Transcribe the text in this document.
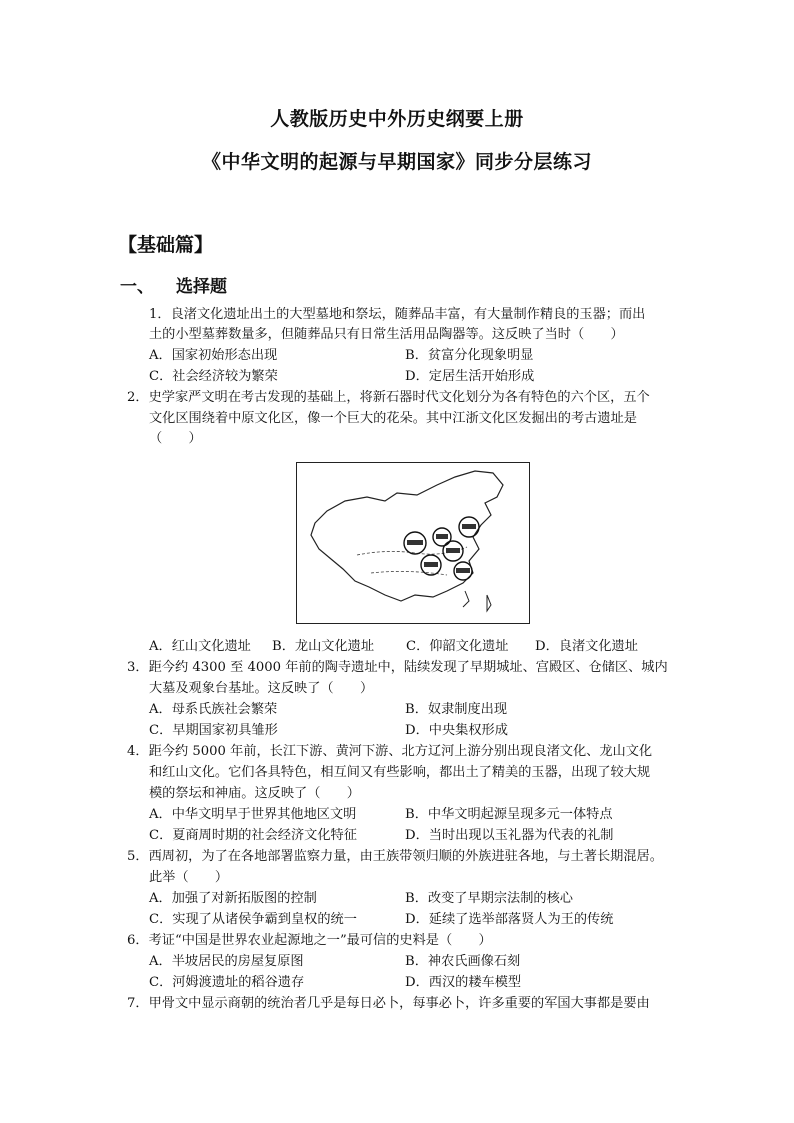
人教版历史中外历史纲要上册
《中华文明的起源与早期国家》同步分层练习
【基础篇】
一、 选择题
1．良渚文化遗址出土的大型墓地和祭坛，随葬品丰富，有大量制作精良的玉器；而出
土的小型墓葬数量多，但随葬品只有日常生活用品陶器等。这反映了当时（　　）
A．国家初始形态出现	B．贫富分化现象明显
C．社会经济较为繁荣	D．定居生活开始形成
2．史学家严文明在考古发现的基础上，将新石器时代文化划分为各有特色的六个区，五个
文化区围绕着中原文化区，像一个巨大的花朵。其中江浙文化区发掘出的考古遗址是
（　　）
A．红山文化遗址 B．龙山文化遗址 C．仰韶文化遗址 D．良渚文化遗址
3．距今约 4300 至 4000 年前的陶寺遗址中，陆续发现了早期城址、宫殿区、仓储区、城内
大墓及观象台基址。这反映了（　　）
A．母系氏族社会繁荣	B．奴隶制度出现
C．早期国家初具雏形	D．中央集权形成
4．距今约 5000 年前，长江下游、黄河下游、北方辽河上游分别出现良渚文化、龙山文化
和红山文化。它们各具特色，相互间又有些影响，都出土了精美的玉器，出现了较大规
模的祭坛和神庙。这反映了（　　）
A．中华文明早于世界其他地区文明	B．中华文明起源呈现多元一体特点
C．夏商周时期的社会经济文化特征	D．当时出现以玉礼器为代表的礼制
5．西周初，为了在各地部署监察力量，由王族带领归顺的外族进驻各地，与土著长期混居。
此举（　　）
A．加强了对新拓版图的控制	B．改变了早期宗法制的核心
C．实现了从诸侯争霸到皇权的统一	D．延续了选举部落贤人为王的传统
6．考证“中国是世界农业起源地之一”最可信的史料是（　　）
A．半坡居民的房屋复原图	B．神农氏画像石刻
C．河姆渡遗址的稻谷遗存	D．西汉的耧车模型
7．甲骨文中显示商朝的统治者几乎是每日必卜，每事必卜，许多重要的军国大事都是要由
